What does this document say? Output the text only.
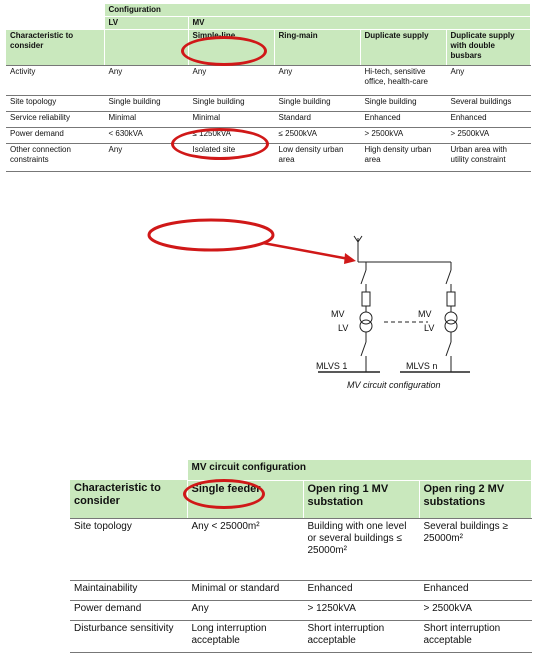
	Configuration				
	LV	MV			
Characteristic to consider		Simple-line	Ring-main	Duplicate supply	Duplicate supply with double busbars
Activity	Any	Any	Any	Hi-tech, sensitive office, health-care	Any
Site topology	Single building	Single building	Single building	Single building	Several buildings
Service reliability	Minimal	Minimal	Standard	Enhanced	Enhanced
Power demand	< 630kVA	≤ 1250kVA	≤ 2500kVA	> 2500kVA	> 2500kVA
Other connection constraints	Any	Isolated site	Low density urban area	High density urban area	Urban area with utility constraint
MV
LV
MV
LV
MLVS 1	MLVS n
MV circuit configuration
	MV circuit configuration		
Characteristic to consider	Single feeder	Open ring 1 MV substation	Open ring 2 MV substations
Site topology	Any < 25000m²	Building with one level or several buildings ≤ 25000m²	Several buildings ≥ 25000m²
Maintainability	Minimal or standard	Enhanced	Enhanced
Power demand	Any	> 1250kVA	> 2500kVA
Disturbance sensitivity	Long interruption acceptable	Short interruption acceptable	Short interruption acceptable
